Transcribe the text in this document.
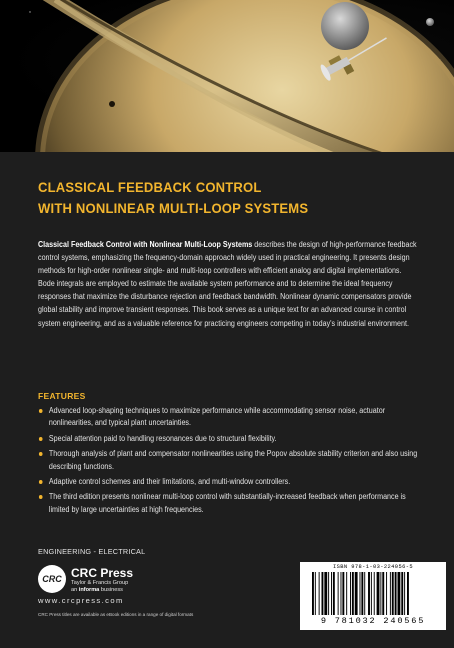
CLASSICAL FEEDBACK CONTROL
WITH NONLINEAR MULTI-LOOP SYSTEMS
Classical Feedback Control with Nonlinear Multi-Loop Systems describes the design of high-performance feedback control systems, emphasizing the frequency-domain approach widely used in practical engineering. It presents design methods for high-order nonlinear single- and multi-loop controllers with efficient analog and digital implementations. Bode integrals are employed to estimate the available system performance and to determine the ideal frequency responses that maximize the disturbance rejection and feedback bandwidth. Nonlinear dynamic compensators provide global stability and improve transient responses. This book serves as a unique text for an advanced course in control system engineering, and as a valuable reference for practicing engineers competing in today's industrial environment.
FEATURES
Advanced loop-shaping techniques to maximize performance while accommodating sensor noise, actuator nonlinearities, and typical plant uncertainties.
Special attention paid to handling resonances due to structural flexibility.
Thorough analysis of plant and compensator nonlinearities using the Popov absolute stability criterion and also using describing functions.
Adaptive control schemes and their limitations, and multi-window controllers.
The third edition presents nonlinear multi-loop control with substantially-increased feedback when performance is limited by large uncertainties at high frequencies.
ENGINEERING - ELECTRICAL
CRC CRC Press
Taylor & Francis Group
an informa business
www.crcpress.com
CRC Press titles are available as eBook editions in a range of digital formats
ISBN 978-1-03-224056-5
9 781032 240565
